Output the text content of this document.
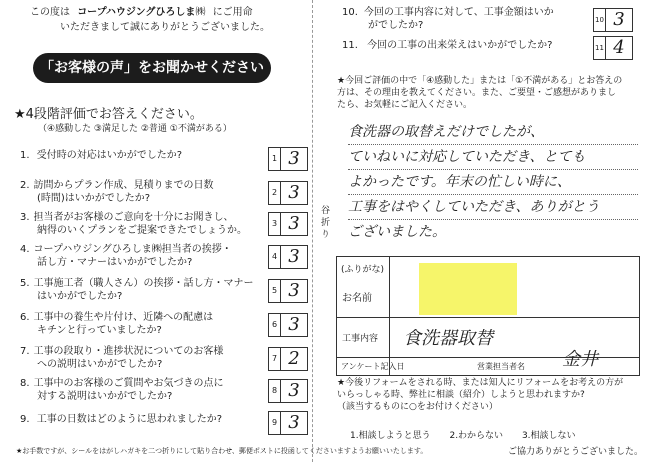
この度は コープハウジングひろしま㈱ にご用命
いただきまして誠にありがとうございました。
「お客様の声」をお聞かせください
★4段階評価でお答えください。
（④感動した ③満足した ②普通 ①不満がある）
1. 受付時の対応はいかがでしたか?	1 3
2. 訪問からプラン作成、見積りまでの日数
(時間)はいかがでしたか?
2 3
3. 担当者がお客様のご意向を十分にお聞きし、
納得のいくプランをご提案できたでしょうか。
3 3
4. コープハウジングひろしま㈱担当者の挨拶・
話し方・マナーはいかがでしたか?
4 3
5. 工事施工者（職人さん）の挨拶・話し方・マナー
はいかがでしたか?
5 3
6. 工事中の養生や片付け、近隣への配慮は
キチンと行っていましたか?
6 3
7. 工事の段取り・進捗状況についてのお客様
への説明はいかがでしたか?
7 2
8. 工事中のお客様のご質問やお気づきの点に
対する説明はいかがでしたか?
8 3
9. 工事の日数はどのように思われましたか?	9 3
谷折り
10. 今回の工事内容に対して、工事金額はいか
がでしたか?	10 3
11. 今回の工事の出来栄えはいかがでしたか?	11 4
★今回ご評価の中で「④感動した」または「①不満がある」とお答えの
方は、その理由を教えてください。また、ご要望・ご感想がありまし
たら、お気軽にご記入ください。
食洗器の取替えだけでしたが、
ていねいに対応していただき、とても
よかったです。年末の忙しい時に、
工事をはやくしていただき、ありがとう
ございました。
(ふりがな)
お名前
工事内容 食洗器取替
アンケート記入日	営業担当者名 金井
★今後リフォームをされる時、または知人にリフォームをお考えの方が
いらっしゃる時、弊社に相談（紹介）しようと思われますか?
（該当するものに○をお付けください）
1.相談しようと思う 2.わからない 3.相談しない
★お手数ですが、シールをはがしハガキを二つ折りにして貼り合わせ、郵便ポストに投函してくださいますようお願いいたします。	ご協力ありがとうございました。
